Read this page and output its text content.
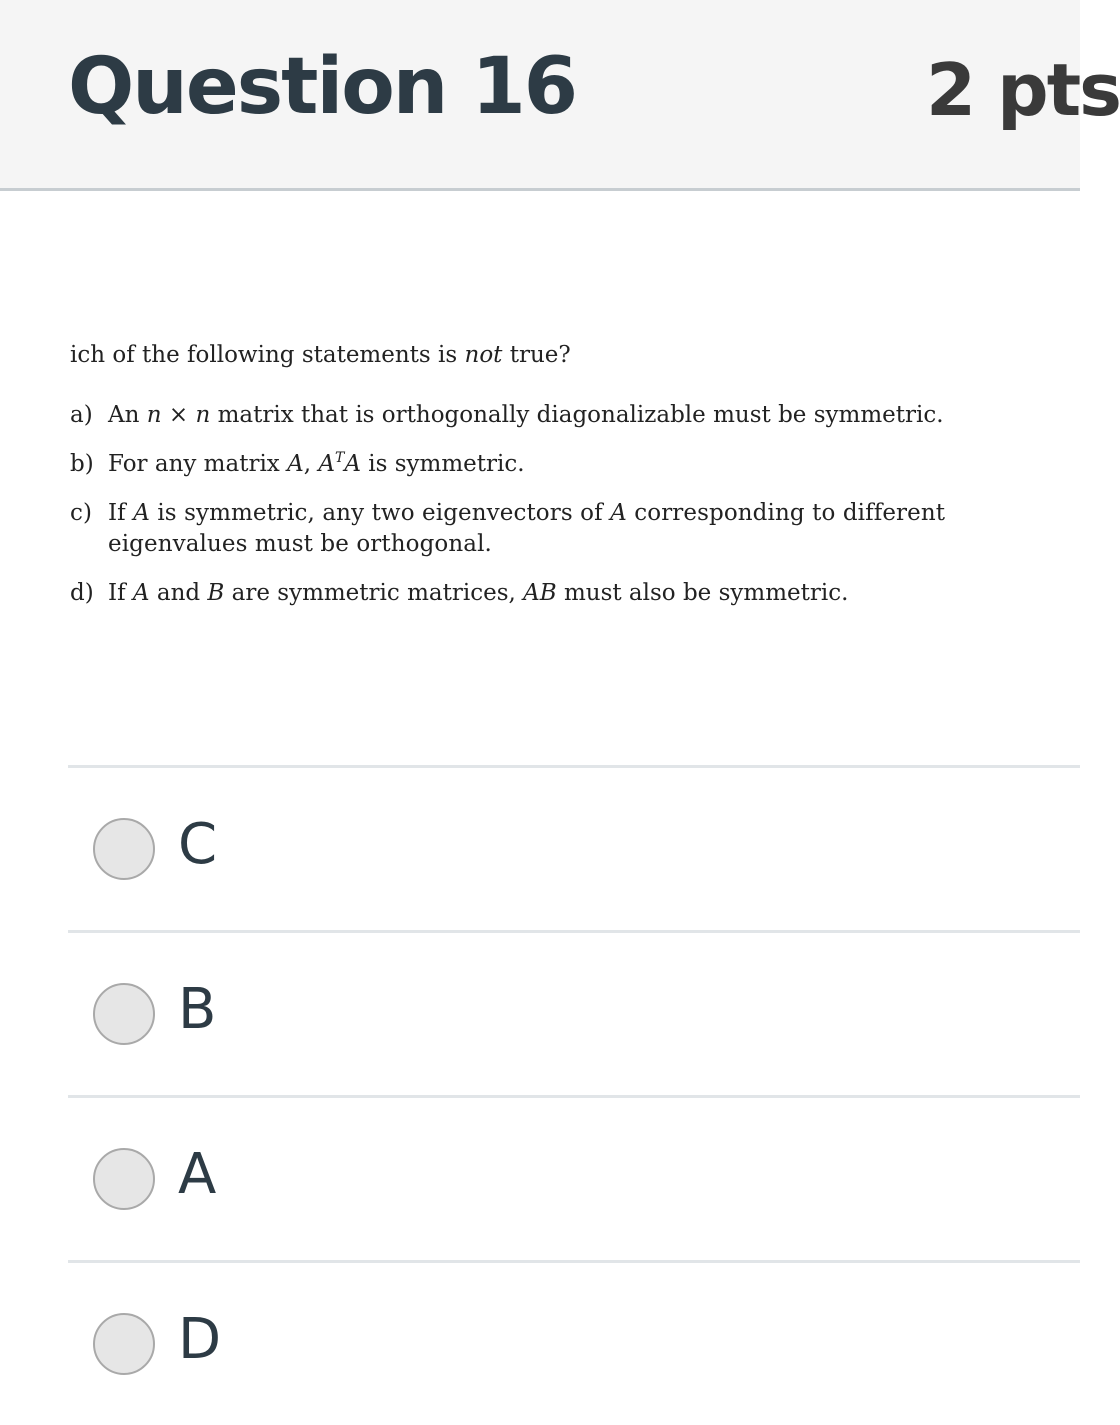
Question 16	2 pts

ich of the following statements is not true?

a) An n × n matrix that is orthogonally diagonalizable must be symmetric.
b) For any matrix A, $A^TA$ is symmetric.
c) If A is symmetric, any two eigenvectors of A corresponding to different eigenvalues must be orthogonal.
d) If A and B are symmetric matrices, AB must also be symmetric.
C
B
A
D
